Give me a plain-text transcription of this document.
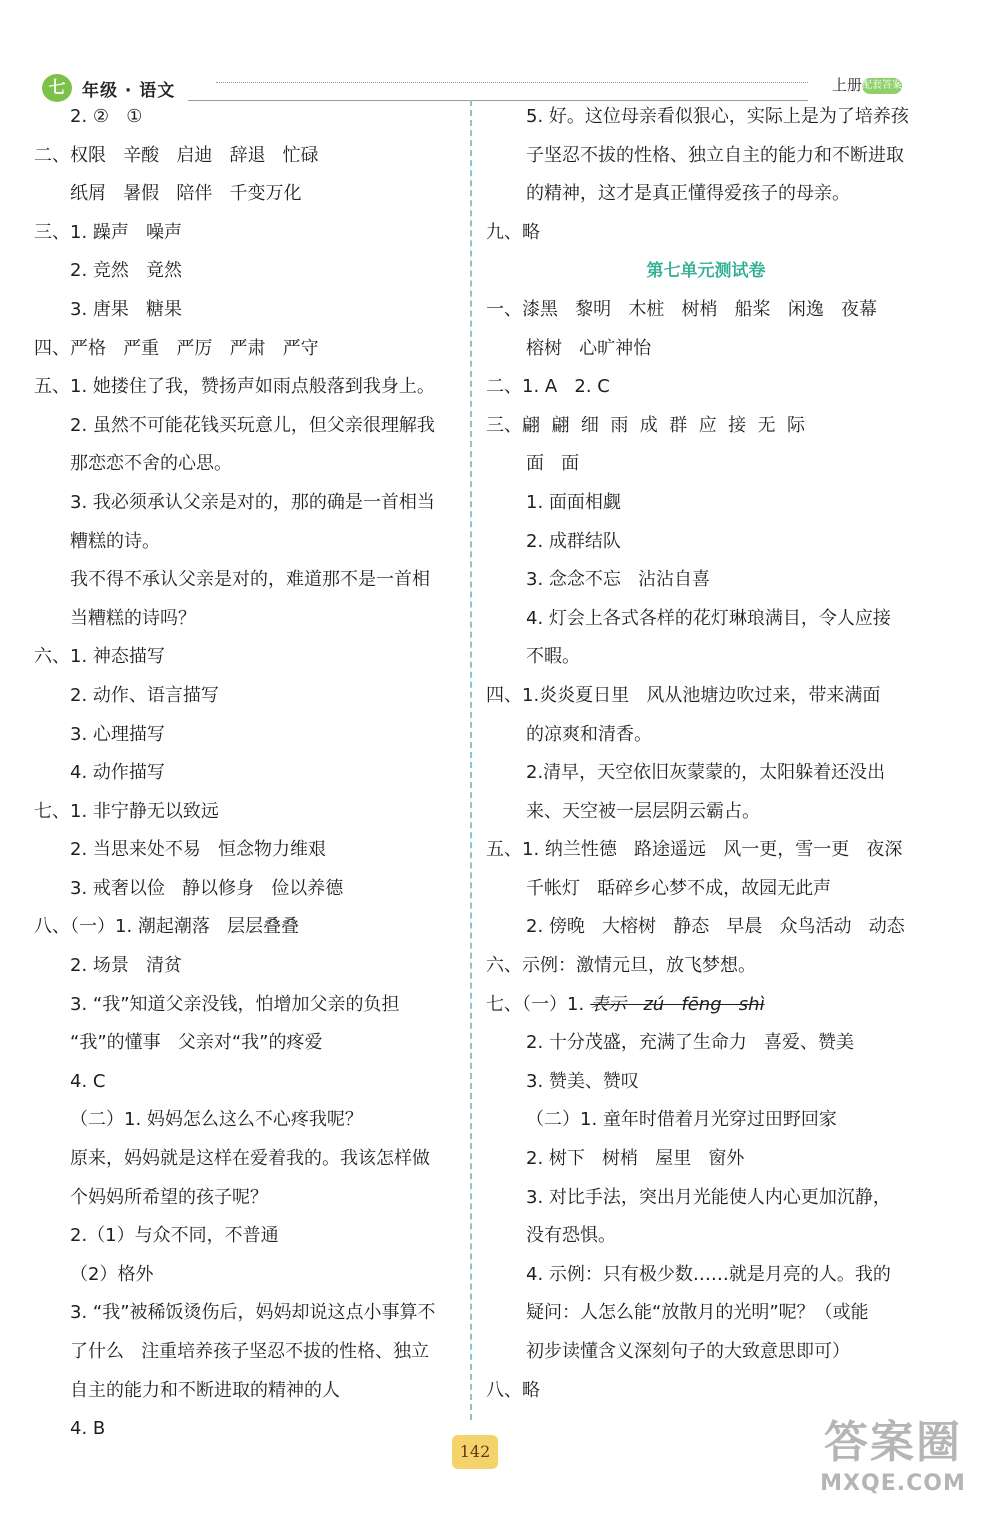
七 年级 · 语文	上册 配套答案
2. ②   ①
二、权限   辛酸   启迪   辞退   忙碌
纸屑   暑假   陪伴   千变万化
三、1. 躁声   噪声
2. 竞然   竟然
3. 唐果   糖果
四、严格   严重   严厉   严肃   严守
五、1. 她搂住了我，赞扬声如雨点般落到我身上。
2. 虽然不可能花钱买玩意儿，但父亲很理解我
那恋恋不舍的心思。
3. 我必须承认父亲是对的，那的确是一首相当
糟糕的诗。
我不得不承认父亲是对的，难道那不是一首相
当糟糕的诗吗？
六、1. 神态描写
2. 动作、语言描写
3. 心理描写
4. 动作描写
七、1. 非宁静无以致远
2. 当思来处不易   恒念物力维艰
3. 戒奢以俭   静以修身   俭以养德
八、（一）1. 潮起潮落   层层叠叠
2. 场景   清贫
3. “我”知道父亲没钱，怕增加父亲的负担
“我”的懂事   父亲对“我”的疼爱
4. C
（二）1. 妈妈怎么这么不心疼我呢？
原来，妈妈就是这样在爱着我的。我该怎样做
个妈妈所希望的孩子呢？
2.（1）与众不同，不普通
（2）格外
3. “我”被稀饭烫伤后，妈妈却说这点小事算不
了什么   注重培养孩子坚忍不拔的性格、独立
自主的能力和不断进取的精神的人
4. B
5. 好。这位母亲看似狠心，实际上是为了培养孩
子坚忍不拔的性格、独立自主的能力和不断进取
的精神，这才是真正懂得爱孩子的母亲。
九、略
第七单元测试卷
一、漆黑   黎明   木桩   树梢   船桨   闲逸   夜幕
榕树   心旷神怡
二、1. A   2. C
三、翩  翩  细  雨  成  群  应  接  无  际
面   面
1. 面面相觑
2. 成群结队
3. 念念不忘   沾沾自喜
4. 灯会上各式各样的花灯琳琅满目，令人应接
不暇。
四、1.炎炎夏日里   风从池塘边吹过来，带来满面
的凉爽和清香。
2.清早，天空依旧灰蒙蒙的，太阳躲着还没出
来、天空被一层层阴云霸占。
五、1. 纳兰性德   路途遥远   风一更，雪一更   夜深
千帐灯   聒碎乡心梦不成，故园无此声
2. 傍晚   大榕树   静态   早晨   众鸟活动   动态
六、示例：激情元旦，放飞梦想。
七、（一）1. 表示   zú   fēng   shì
2. 十分茂盛，充满了生命力   喜爱、赞美
3. 赞美、赞叹
（二）1. 童年时借着月光穿过田野回家
2. 树下   树梢   屋里   窗外
3. 对比手法，突出月光能使人内心更加沉静，
没有恐惧。
4. 示例：只有极少数……就是月亮的人。我的
疑问：人怎么能“放散月的光明”呢？（或能
初步读懂含义深刻句子的大致意思即可）
八、略
142	答案圈
MXQE.COM
